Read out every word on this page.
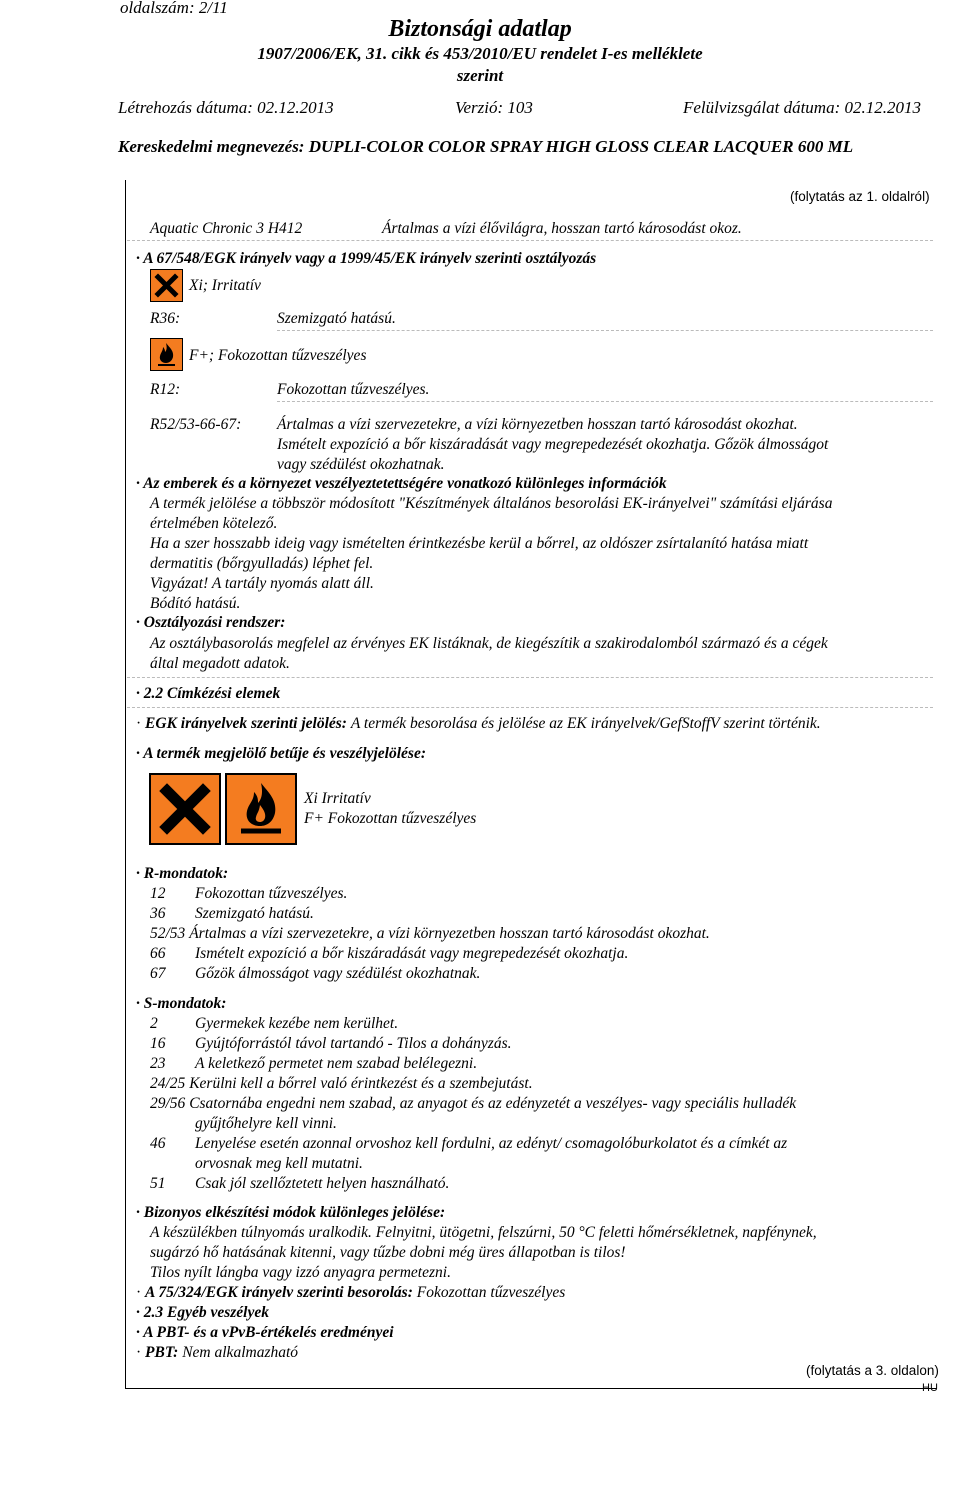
oldalszám: 2/11
Biztonsági adatlap
1907/2006/EK, 31. cikk és 453/2010/EU rendelet I-es melléklete
szerint
Létrehozás dátuma: 02.12.2013	Verzió: 103	Felülvizsgálat dátuma: 02.12.2013
Kereskedelmi megnevezés: DUPLI-COLOR COLOR SPRAY HIGH GLOSS CLEAR LACQUER 600 ML
(folytatás az 1. oldalról)
Aquatic Chronic 3 H412	Ártalmas a vízi élővilágra, hosszan tartó károsodást okoz.
· A 67/548/EGK irányelv vagy a 1999/45/EK irányelv szerinti osztályozás
Xi; Irritatív
R36:	Szemizgató hatású.
F+; Fokozottan tűzveszélyes
R12:	Fokozottan tűzveszélyes.
R52/53-66-67: Ártalmas a vízi szervezetekre, a vízi környezetben hosszan tartó károsodást okozhat.
Ismételt expozíció a bőr kiszáradását vagy megrepedezését okozhatja. Gőzök álmosságot
vagy szédülést okozhatnak.
· Az emberek és a környezet veszélyeztetettségére vonatkozó különleges információk
A termék jelölése a többször módosított "Készítmények általános besorolási EK-irányelvei" számítási eljárása
értelmében kötelező.
Ha a szer hosszabb ideig vagy ismételten érintkezésbe kerül a bőrrel, az oldószer zsírtalanító hatása miatt
dermatitis (bőrgyulladás) léphet fel.
Vigyázat! A tartály nyomás alatt áll.
Bódító hatású.
· Osztályozási rendszer:
Az osztálybasorolás megfelel az érvényes EK listáknak, de kiegészítik a szakirodalomból származó és a cégek
által megadott adatok.
· 2.2 Címkézési elemek
· EGK irányelvek szerinti jelölés: A termék besorolása és jelölése az EK irányelvek/GefStoffV szerint történik.
· A termék megjelölő betűje és veszélyjelölése:
Xi Irritatív
F+ Fokozottan tűzveszélyes
· R-mondatok:
12 Fokozottan tűzveszélyes.
36 Szemizgató hatású.
52/53 Ártalmas a vízi szervezetekre, a vízi környezetben hosszan tartó károsodást okozhat.
66 Ismételt expozíció a bőr kiszáradását vagy megrepedezését okozhatja.
67 Gőzök álmosságot vagy szédülést okozhatnak.
· S-mondatok:
2 Gyermekek kezébe nem kerülhet.
16 Gyújtóforrástól távol tartandó - Tilos a dohányzás.
23 A keletkező permetet nem szabad belélegezni.
24/25 Kerülni kell a bőrrel való érintkezést és a szembejutást.
29/56 Csatornába engedni nem szabad, az anyagot és az edényzetét a veszélyes- vagy speciális hulladék
gyűjtőhelyre kell vinni.
46 Lenyelése esetén azonnal orvoshoz kell fordulni, az edényt/ csomagolóburkolatot és a címkét az
orvosnak meg kell mutatni.
51 Csak jól szellőztetett helyen használható.
· Bizonyos elkészítési módok különleges jelölése:
A készülékben túlnyomás uralkodik. Felnyitni, ütögetni, felszúrni, 50 °C feletti hőmérsékletnek, napfénynek,
sugárzó hő hatásának kitenni, vagy tűzbe dobni még üres állapotban is tilos!
Tilos nyílt lángba vagy izzó anyagra permetezni.
· A 75/324/EGK irányelv szerinti besorolás: Fokozottan tűzveszélyes
· 2.3 Egyéb veszélyek
· A PBT- és a vPvB-értékelés eredményei
· PBT: Nem alkalmazható
(folytatás a 3. oldalon)
HU
